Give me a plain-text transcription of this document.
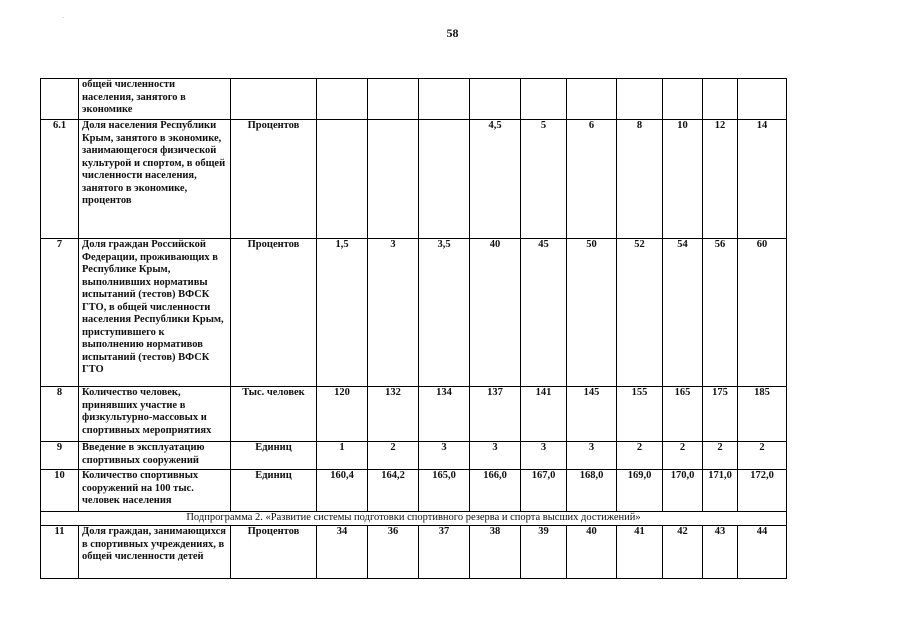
58
	общей численности населения, занятого в экономике											
6.1	Доля населения Республики Крым, занятого в экономике, занимающегося физической культурой и спортом, в общей численности населения, занятого в экономике, процентов	Процентов				4,5	5	6	8	10	12	14
7	Доля граждан Российской Федерации, проживающих в Республике Крым, выполнивших нормативы испытаний (тестов) ВФСК ГТО, в общей численности населения Республики Крым, приступившего к выполнению нормативов испытаний (тестов) ВФСК ГТО	Процентов	1,5	3	3,5	40	45	50	52	54	56	60
8	Количество человек, принявших участие в физкультурно-массовых и спортивных мероприятиях	Тыс. человек	120	132	134	137	141	145	155	165	175	185
9	Введение в эксплуатацию спортивных сооружений	Единиц	1	2	3	3	3	3	2	2	2	2
10	Количество спортивных сооружений на 100 тыс. человек населения	Единиц	160,4	164,2	165,0	166,0	167,0	168,0	169,0	170,0	171,0	172,0
Подпрограмма 2. «Развитие системы подготовки спортивного резерва и спорта высших достижений»												
11	Доля граждан, занимающихся в спортивных учреждениях, в общей численности детей	Процентов	34	36	37	38	39	40	41	42	43	44
·
